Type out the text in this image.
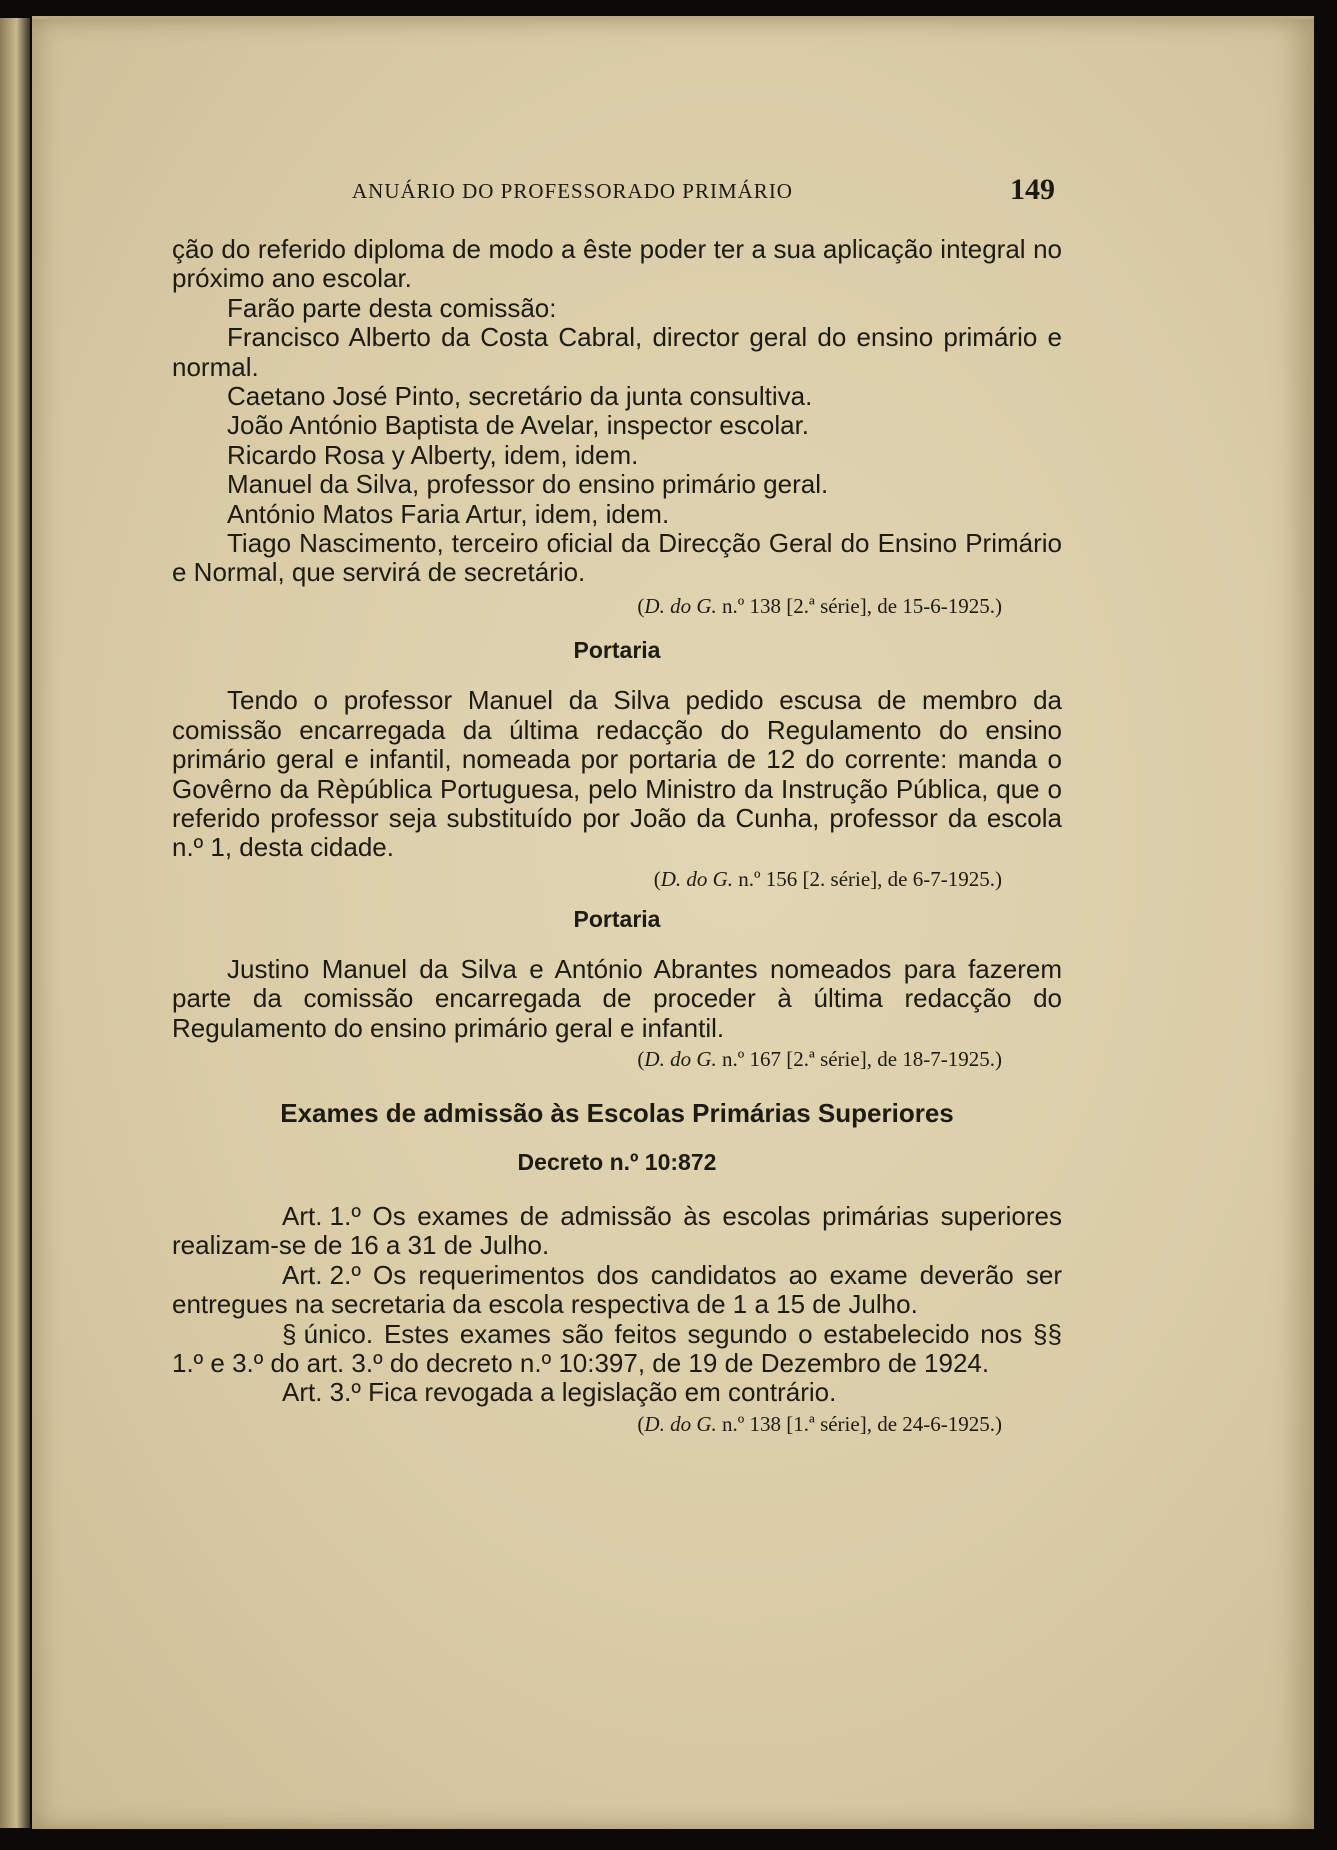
ANUÁRIO DO PROFESSORADO PRIMÁRIO	149

ção do referido diploma de modo a êste poder ter a sua aplicação integral no próximo ano escolar.

Farão parte desta comissão:

Francisco Alberto da Costa Cabral, director geral do ensino primário e normal.

Caetano José Pinto, secretário da junta consultiva.

João António Baptista de Avelar, inspector escolar.

Ricardo Rosa y Alberty, idem, idem.

Manuel da Silva, professor do ensino primário geral.

António Matos Faria Artur, idem, idem.

Tiago Nascimento, terceiro oficial da Direcção Geral do Ensino Primário e Normal, que servirá de secretário.

(D. do G. n.º 138 [2.ª série], de 15-6-1925.)

Portaria

Tendo o professor Manuel da Silva pedido escusa de membro da comissão encarregada da última redacção do Regulamento do ensino primário geral e infantil, nomeada por portaria de 12 do corrente: manda o Govêrno da Rèpública Portuguesa, pelo Ministro da Instrução Pública, que o referido professor seja substituído por João da Cunha, professor da escola n.º 1, desta cidade.

(D. do G. n.º 156 [2. série], de 6-7-1925.)

Portaria

Justino Manuel da Silva e António Abrantes nomeados para fazerem parte da comissão encarregada de proceder à última redacção do Regulamento do ensino primário geral e infantil.

(D. do G. n.º 167 [2.ª série], de 18-7-1925.)

Exames de admissão às Escolas Primárias Superiores

Decreto n.º 10:872

Art. 1.º Os exames de admissão às escolas primárias superiores realizam-se de 16 a 31 de Julho.

Art. 2.º Os requerimentos dos candidatos ao exame deverão ser entregues na secretaria da escola respectiva de 1 a 15 de Julho.

§ único. Estes exames são feitos segundo o estabelecido nos §§ 1.º e 3.º do art. 3.º do decreto n.º 10:397, de 19 de Dezembro de 1924.

Art. 3.º Fica revogada a legislação em contrário.

(D. do G. n.º 138 [1.ª série], de 24-6-1925.)
